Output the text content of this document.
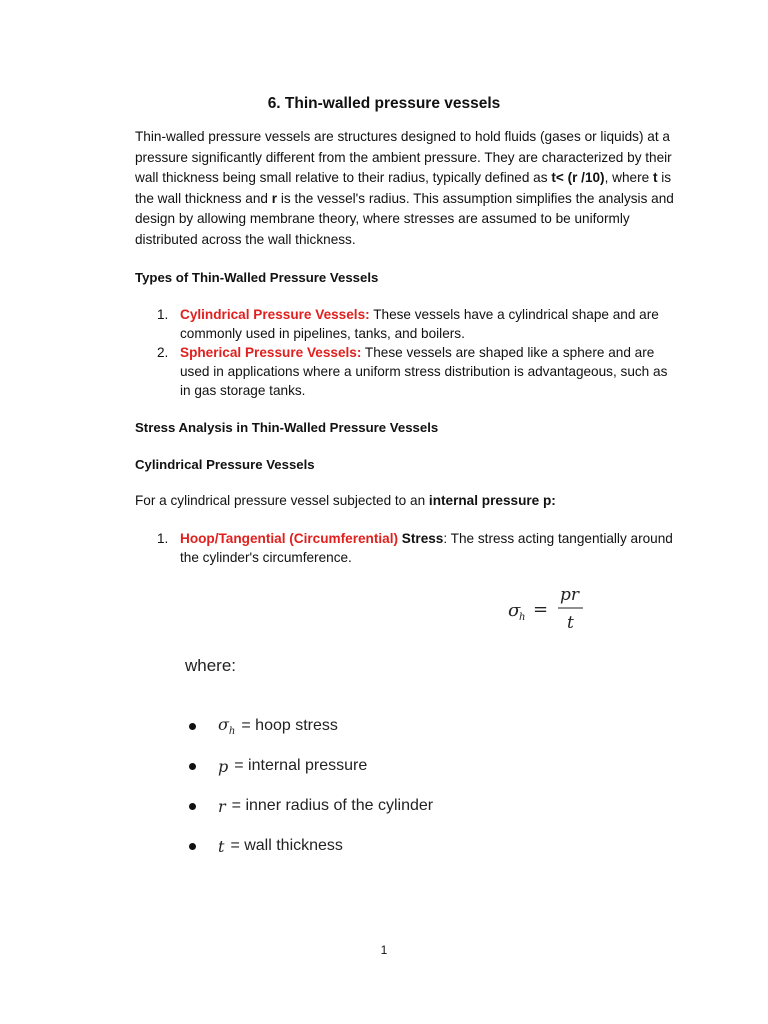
6. Thin-walled pressure vessels
Thin-walled pressure vessels are structures designed to hold fluids (gases or liquids) at a pressure significantly different from the ambient pressure. They are characterized by their wall thickness being small relative to their radius, typically defined as t< (r /10), where t is the wall thickness and r is the vessel's radius. This assumption simplifies the analysis and design by allowing membrane theory, where stresses are assumed to be uniformly distributed across the wall thickness.
Types of Thin-Walled Pressure Vessels
1. Cylindrical Pressure Vessels: These vessels have a cylindrical shape and are commonly used in pipelines, tanks, and boilers.
2. Spherical Pressure Vessels: These vessels are shaped like a sphere and are used in applications where a uniform stress distribution is advantageous, such as in gas storage tanks.
Stress Analysis in Thin-Walled Pressure Vessels
Cylindrical Pressure Vessels
For a cylindrical pressure vessel subjected to an internal pressure p:
1. Hoop/Tangential (Circumferential) Stress: The stress acting tangentially around the cylinder's circumference.
σ
h =
pr
t
where:
$\sigma_h$ = hoop stress
p = internal pressure
r = inner radius of the cylinder
t = wall thickness
1
